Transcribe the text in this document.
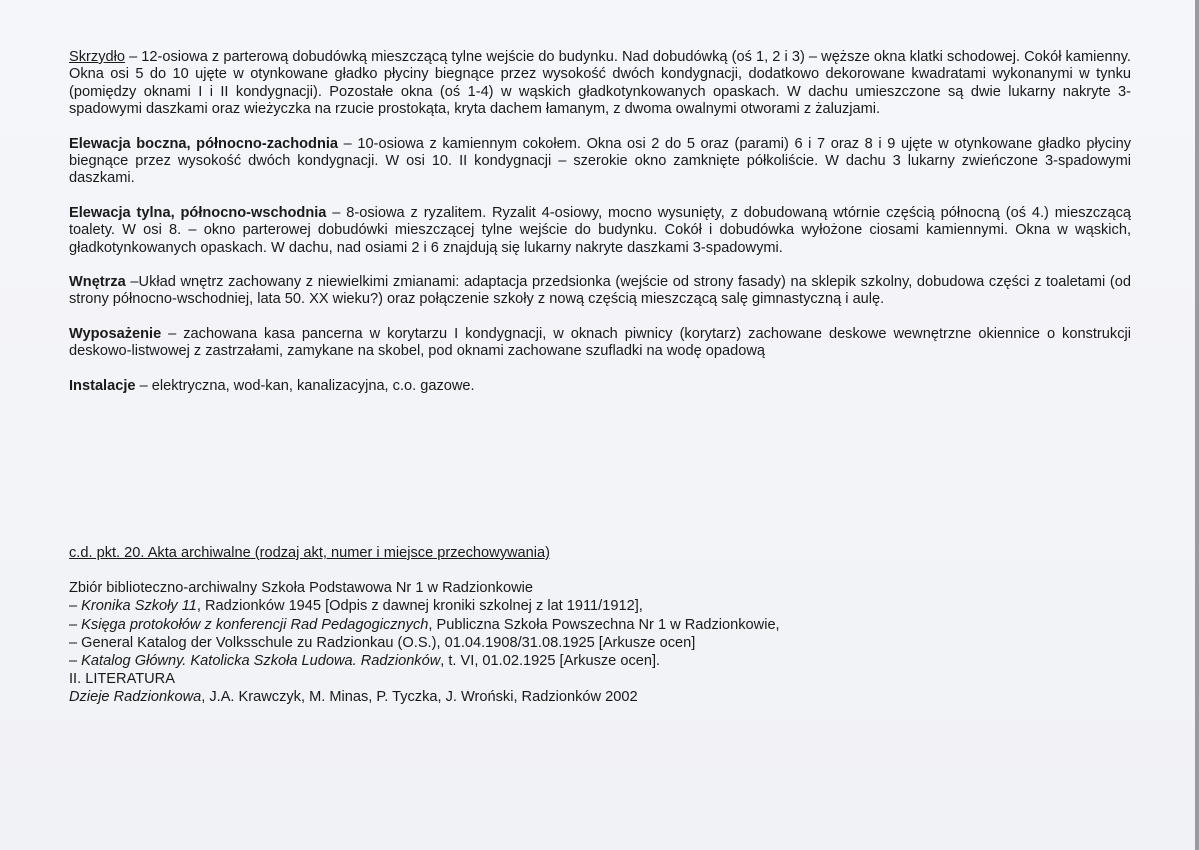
Skrzydło – 12-osiowa z parterową dobudówką mieszczącą tylne wejście do budynku. Nad dobudówką (oś 1, 2 i 3) – węższe okna klatki schodowej. Cokół kamienny. Okna osi 5 do 10 ujęte w otynkowane gładko płyciny biegnące przez wysokość dwóch kondygnacji, dodatkowo dekorowane kwadratami wykonanymi w tynku (pomiędzy oknami I i II kondygnacji). Pozostałe okna (oś 1-4) w wąskich gładkotynkowanych opaskach. W dachu umieszczone są dwie lukarny nakryte 3-spadowymi daszkami oraz wieżyczka na rzucie prostokąta, kryta dachem łamanym, z dwoma owalnymi otworami z żaluzjami.

Elewacja boczna, północno-zachodnia – 10-osiowa z kamiennym cokołem. Okna osi 2 do 5 oraz (parami) 6 i 7 oraz 8 i 9 ujęte w otynkowane gładko płyciny biegnące przez wysokość dwóch kondygnacji. W osi 10. II kondygnacji – szerokie okno zamknięte półkoliście. W dachu 3 lukarny zwieńczone 3-spadowymi daszkami.

Elewacja tylna, północno-wschodnia – 8-osiowa z ryzalitem. Ryzalit 4-osiowy, mocno wysunięty, z dobudowaną wtórnie częścią północną (oś 4.) mieszczącą toalety. W osi 8. – okno parterowej dobudówki mieszczącej tylne wejście do budynku. Cokół i dobudówka wyłożone ciosami kamiennymi. Okna w wąskich, gładkotynkowanych opaskach. W dachu, nad osiami 2 i 6 znajdują się lukarny nakryte daszkami 3-spadowymi.

Wnętrza –Układ wnętrz zachowany z niewielkimi zmianami: adaptacja przedsionka (wejście od strony fasady) na sklepik szkolny, dobudowa części z toaletami (od strony północno-wschodniej, lata 50. XX wieku?) oraz połączenie szkoły z nową częścią mieszczącą salę gimnastyczną i aulę.

Wyposażenie – zachowana kasa pancerna w korytarzu I kondygnacji, w oknach piwnicy (korytarz) zachowane deskowe wewnętrzne okiennice o konstrukcji deskowo-listwowej z zastrzałami, zamykane na skobel, pod oknami zachowane szufladki na wodę opadową

Instalacje – elektryczna, wod-kan, kanalizacyjna, c.o. gazowe.

c.d. pkt. 20. Akta archiwalne (rodzaj akt, numer i miejsce przechowywania)
Zbiór biblioteczno-archiwalny Szkoła Podstawowa Nr 1 w Radzionkowie
– Kronika Szkoły 11, Radzionków 1945 [Odpis z dawnej kroniki szkolnej z lat 1911/1912],
– Księga protokołów z konferencji Rad Pedagogicznych, Publiczna Szkoła Powszechna Nr 1 w Radzionkowie,
– General Katalog der Volksschule zu Radzionkau (O.S.), 01.04.1908/31.08.1925 [Arkusze ocen]
– Katalog Główny. Katolicka Szkoła Ludowa. Radzionków, t. VI, 01.02.1925 [Arkusze ocen].
II. LITERATURA
Dzieje Radzionkowa, J.A. Krawczyk, M. Minas, P. Tyczka, J. Wroński, Radzionków 2002
